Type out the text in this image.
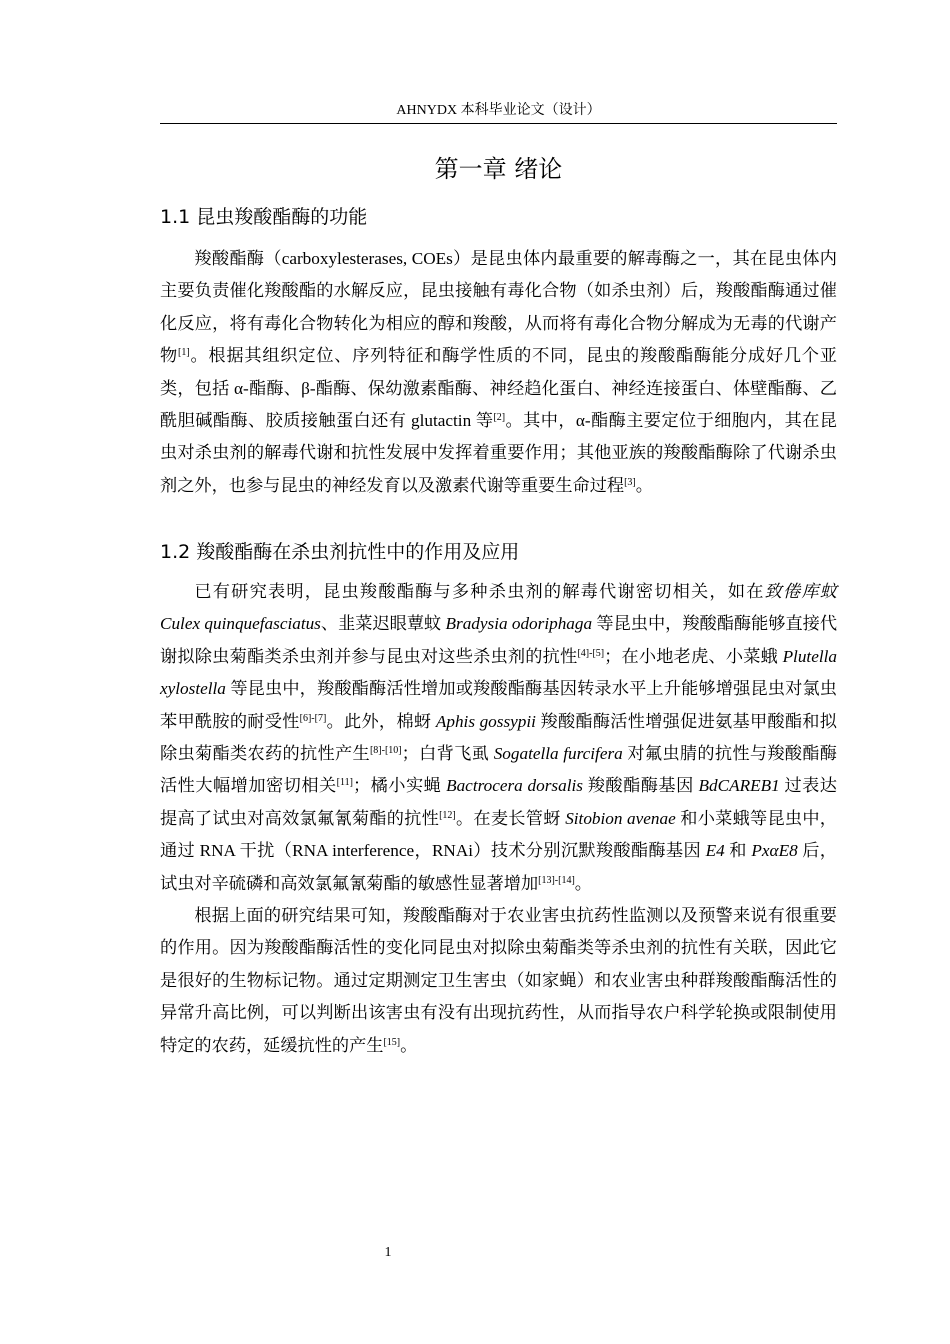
AHNYDX 本科毕业论文（设计）
第一章 绪论
1.1 昆虫羧酸酯酶的功能

羧酸酯酶（carboxylesterases, COEs）是昆虫体内最重要的解毒酶之一，其在昆虫体内主要负责催化羧酸酯的水解反应，昆虫接触有毒化合物（如杀虫剂）后，羧酸酯酶通过催化反应，将有毒化合物转化为相应的醇和羧酸，从而将有毒化合物分解成为无毒的代谢产物[1]。根据其组织定位、序列特征和酶学性质的不同，昆虫的羧酸酯酶能分成好几个亚类，包括 α-酯酶、β-酯酶、保幼激素酯酶、神经趋化蛋白、神经连接蛋白、体壁酯酶、乙酰胆碱酯酶、胶质接触蛋白还有 glutactin 等[2]。其中，α-酯酶主要定位于细胞内，其在昆虫对杀虫剂的解毒代谢和抗性发展中发挥着重要作用；其他亚族的羧酸酯酶除了代谢杀虫剂之外，也参与昆虫的神经发育以及激素代谢等重要生命过程[3]。

1.2 羧酸酯酶在杀虫剂抗性中的作用及应用

已有研究表明，昆虫羧酸酯酶与多种杀虫剂的解毒代谢密切相关，如在致倦库蚊 Culex quinquefasciatus、韭菜迟眼蕈蚊 Bradysia odoriphaga 等昆虫中，羧酸酯酶能够直接代谢拟除虫菊酯类杀虫剂并参与昆虫对这些杀虫剂的抗性[4]-[5]；在小地老虎、小菜蛾 Plutella xylostella 等昆虫中，羧酸酯酶活性增加或羧酸酯酶基因转录水平上升能够增强昆虫对氯虫苯甲酰胺的耐受性[6]-[7]。此外，棉蚜 Aphis gossypii 羧酸酯酶活性增强促进氨基甲酸酯和拟除虫菊酯类农药的抗性产生[8]-[10]；白背飞虱 Sogatella furcifera 对氟虫腈的抗性与羧酸酯酶活性大幅增加密切相关[11]；橘小实蝇 Bactrocera dorsalis 羧酸酯酶基因 BdCAREB1 过表达提高了试虫对高效氯氟氰菊酯的抗性[12]。在麦长管蚜 Sitobion avenae 和小菜蛾等昆虫中，通过 RNA 干扰（RNA interference，RNAi）技术分别沉默羧酸酯酶基因 E4 和 PxαE8 后，试虫对辛硫磷和高效氯氟氰菊酯的敏感性显著增加[13]-[14]。

根据上面的研究结果可知，羧酸酯酶对于农业害虫抗药性监测以及预警来说有很重要的作用。因为羧酸酯酶活性的变化同昆虫对拟除虫菊酯类等杀虫剂的抗性有关联，因此它是很好的生物标记物。通过定期测定卫生害虫（如家蝇）和农业害虫种群羧酸酯酶活性的异常升高比例，可以判断出该害虫有没有出现抗药性，从而指导农户科学轮换或限制使用特定的农药，延缓抗性的产生[15]。

1
